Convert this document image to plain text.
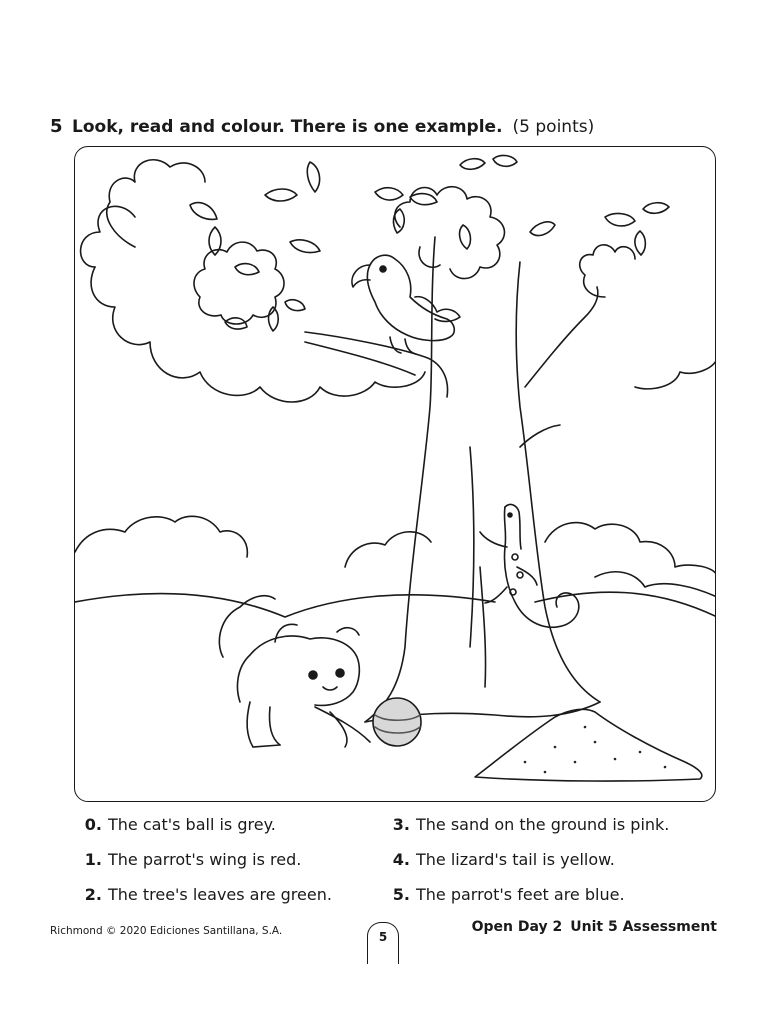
5 Look, read and colour. There is one example. (5 points)
0. The cat's ball is grey.	3. The sand on the ground is pink.
1. The parrot's wing is red.	4. The lizard's tail is yellow.
2. The tree's leaves are green.	5. The parrot's feet are blue.
Richmond © 2020 Ediciones Santillana, S.A.	5
Open Day 2 Unit 5 Assessment
